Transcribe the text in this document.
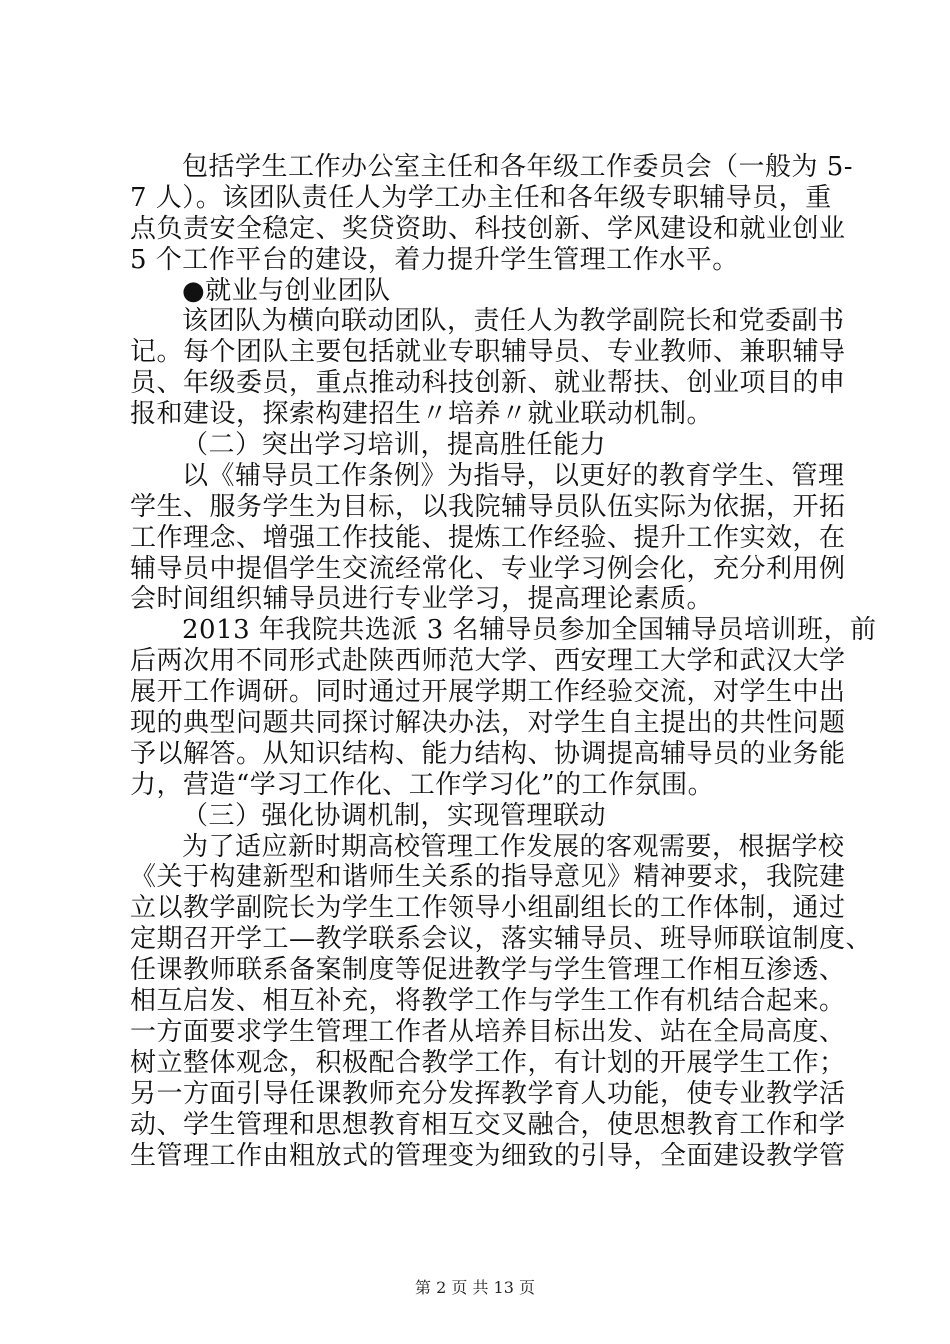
包括学生工作办公室主任和各年级工作委员会（一般为 5-
7 人）。该团队责任人为学工办主任和各年级专职辅导员，重
点负责安全稳定、奖贷资助、科技创新、学风建设和就业创业
5 个工作平台的建设，着力提升学生管理工作水平。
●就业与创业团队
该团队为横向联动团队，责任人为教学副院长和党委副书
记。每个团队主要包括就业专职辅导员、专业教师、兼职辅导
员、年级委员，重点推动科技创新、就业帮扶、创业项目的申
报和建设，探索构建招生〃培养〃就业联动机制。
（二）突出学习培训，提高胜任能力
以《辅导员工作条例》为指导，以更好的教育学生、管理
学生、服务学生为目标，以我院辅导员队伍实际为依据，开拓
工作理念、增强工作技能、提炼工作经验、提升工作实效，在
辅导员中提倡学生交流经常化、专业学习例会化，充分利用例
会时间组织辅导员进行专业学习，提高理论素质。
2013 年我院共选派 3 名辅导员参加全国辅导员培训班，前
后两次用不同形式赴陕西师范大学、西安理工大学和武汉大学
展开工作调研。同时通过开展学期工作经验交流，对学生中出
现的典型问题共同探讨解决办法，对学生自主提出的共性问题
予以解答。从知识结构、能力结构、协调提高辅导员的业务能
力，营造“学习工作化、工作学习化”的工作氛围。
（三）强化协调机制，实现管理联动
为了适应新时期高校管理工作发展的客观需要，根据学校
《关于构建新型和谐师生关系的指导意见》精神要求，我院建
立以教学副院长为学生工作领导小组副组长的工作体制，通过
定期召开学工—教学联系会议，落实辅导员、班导师联谊制度、
任课教师联系备案制度等促进教学与学生管理工作相互渗透、
相互启发、相互补充，将教学工作与学生工作有机结合起来。
一方面要求学生管理工作者从培养目标出发、站在全局高度、
树立整体观念，积极配合教学工作，有计划的开展学生工作；
另一方面引导任课教师充分发挥教学育人功能，使专业教学活
动、学生管理和思想教育相互交叉融合，使思想教育工作和学
生管理工作由粗放式的管理变为细致的引导，全面建设教学管
第 2 页 共 13 页
